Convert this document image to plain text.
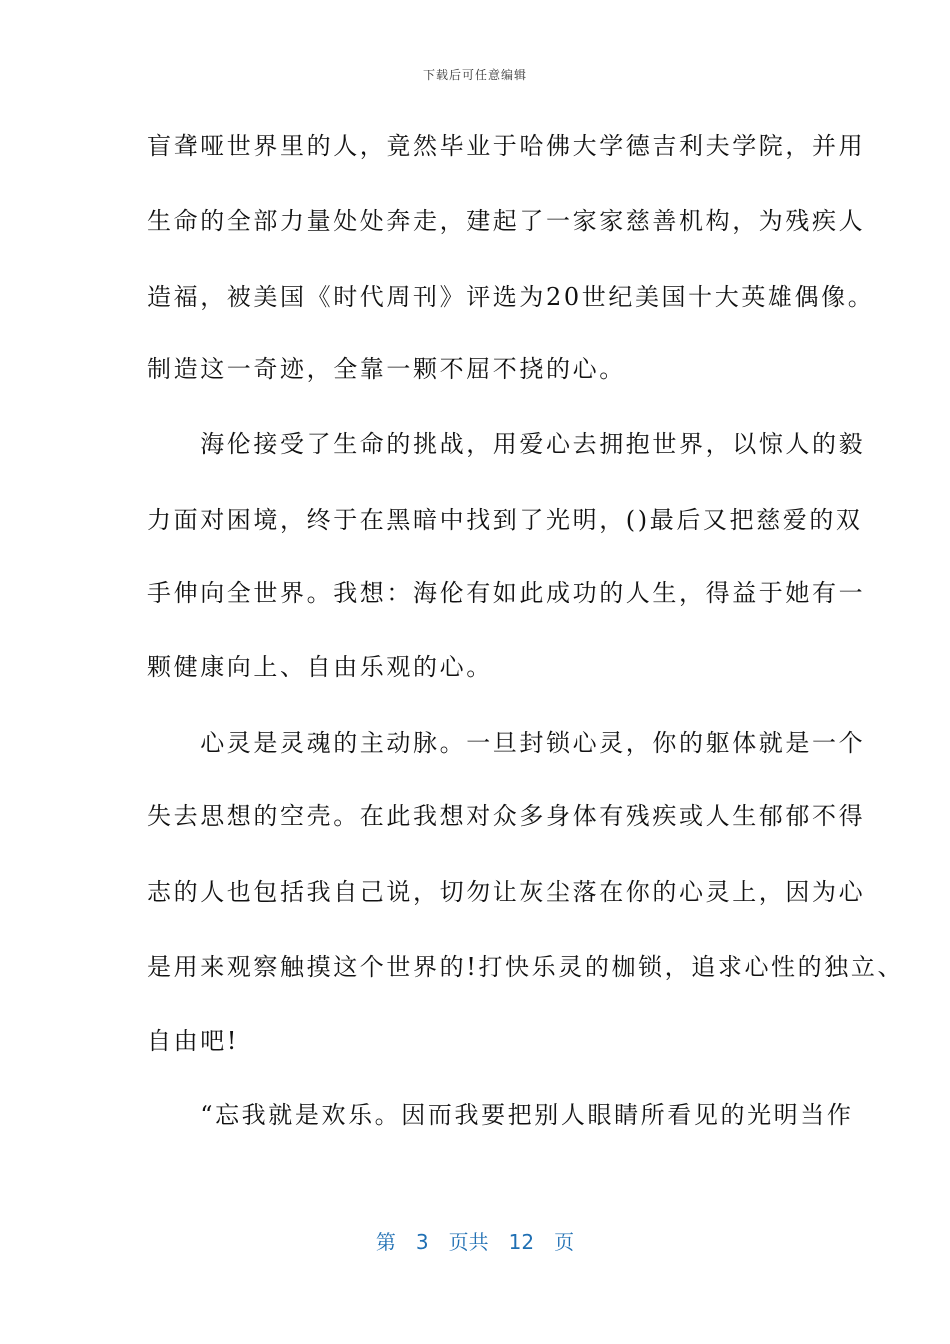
下载后可任意编辑
盲聋哑世界里的人，竟然毕业于哈佛大学德吉利夫学院，并用
生命的全部力量处处奔走，建起了一家家慈善机构，为残疾人
造福，被美国《时代周刊》评选为20世纪美国十大英雄偶像。
制造这一奇迹，全靠一颗不屈不挠的心。
　　海伦接受了生命的挑战，用爱心去拥抱世界，以惊人的毅
力面对困境，终于在黑暗中找到了光明，()最后又把慈爱的双
手伸向全世界。我想：海伦有如此成功的人生，得益于她有一
颗健康向上、自由乐观的心。
　　心灵是灵魂的主动脉。一旦封锁心灵，你的躯体就是一个
失去思想的空壳。在此我想对众多身体有残疾或人生郁郁不得
志的人也包括我自己说，切勿让灰尘落在你的心灵上，因为心
是用来观察触摸这个世界的!打快乐灵的枷锁，追求心性的独立、
自由吧!
　　“忘我就是欢乐。因而我要把别人眼睛所看见的光明当作
第　3　页共　12　页
